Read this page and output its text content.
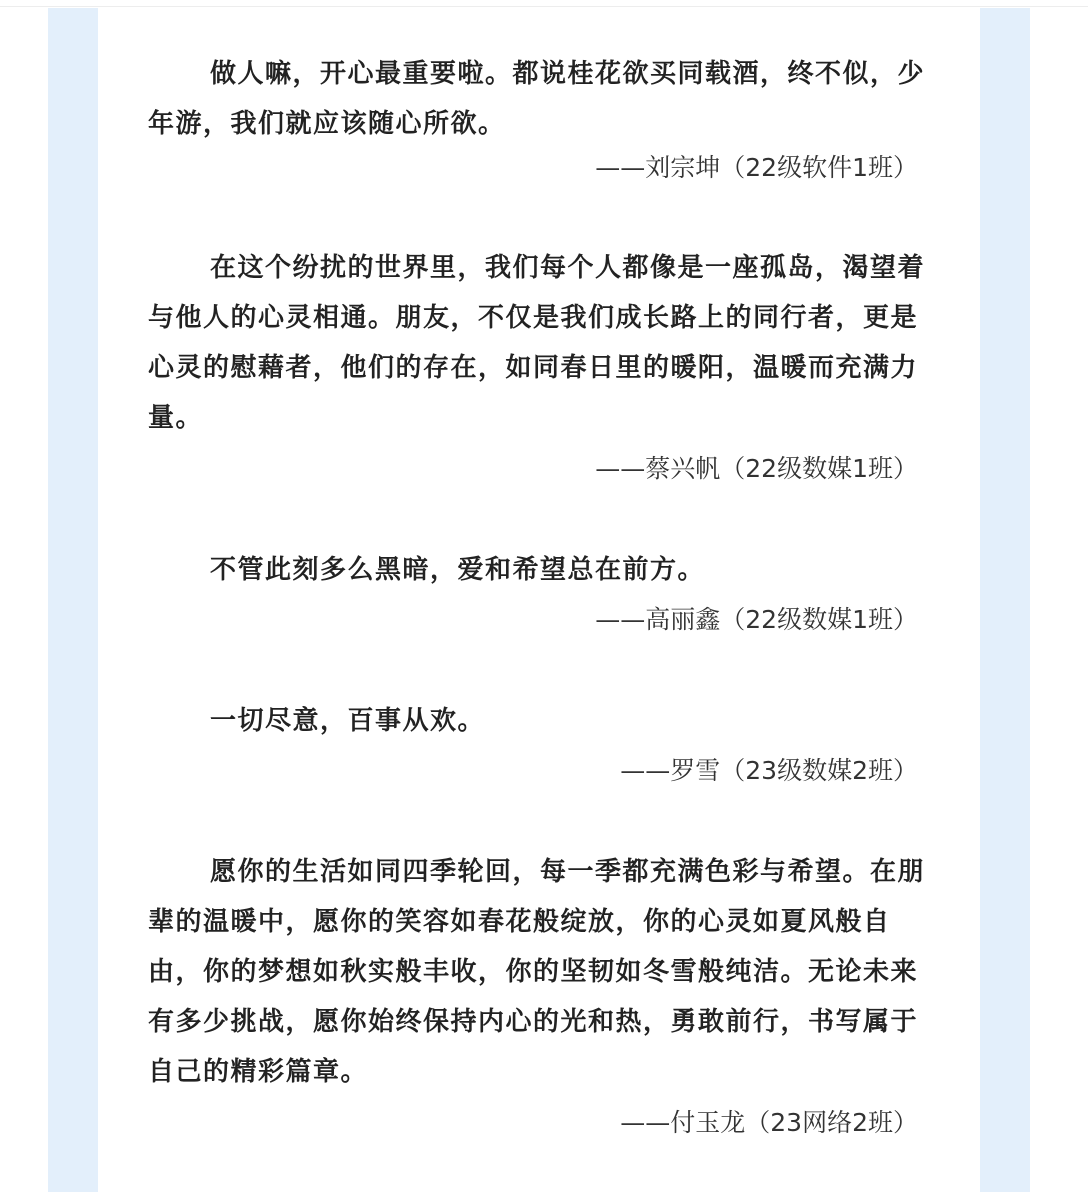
做人嘛，开心最重要啦。都说桂花欲买同载酒，终不似，少年游，我们就应该随心所欲。

——刘宗坤（22级软件1班）

在这个纷扰的世界里，我们每个人都像是一座孤岛，渴望着与他人的心灵相通。朋友，不仅是我们成长路上的同行者，更是心灵的慰藉者，他们的存在，如同春日里的暖阳，温暖而充满力量。

——蔡兴帆（22级数媒1班）

不管此刻多么黑暗，爱和希望总在前方。

——高丽鑫（22级数媒1班）

一切尽意，百事从欢。

——罗雪（23级数媒2班）

愿你的生活如同四季轮回，每一季都充满色彩与希望。在朋辈的温暖中，愿你的笑容如春花般绽放，你的心灵如夏风般自由，你的梦想如秋实般丰收，你的坚韧如冬雪般纯洁。无论未来有多少挑战，愿你始终保持内心的光和热，勇敢前行，书写属于自己的精彩篇章。

——付玉龙（23网络2班）
